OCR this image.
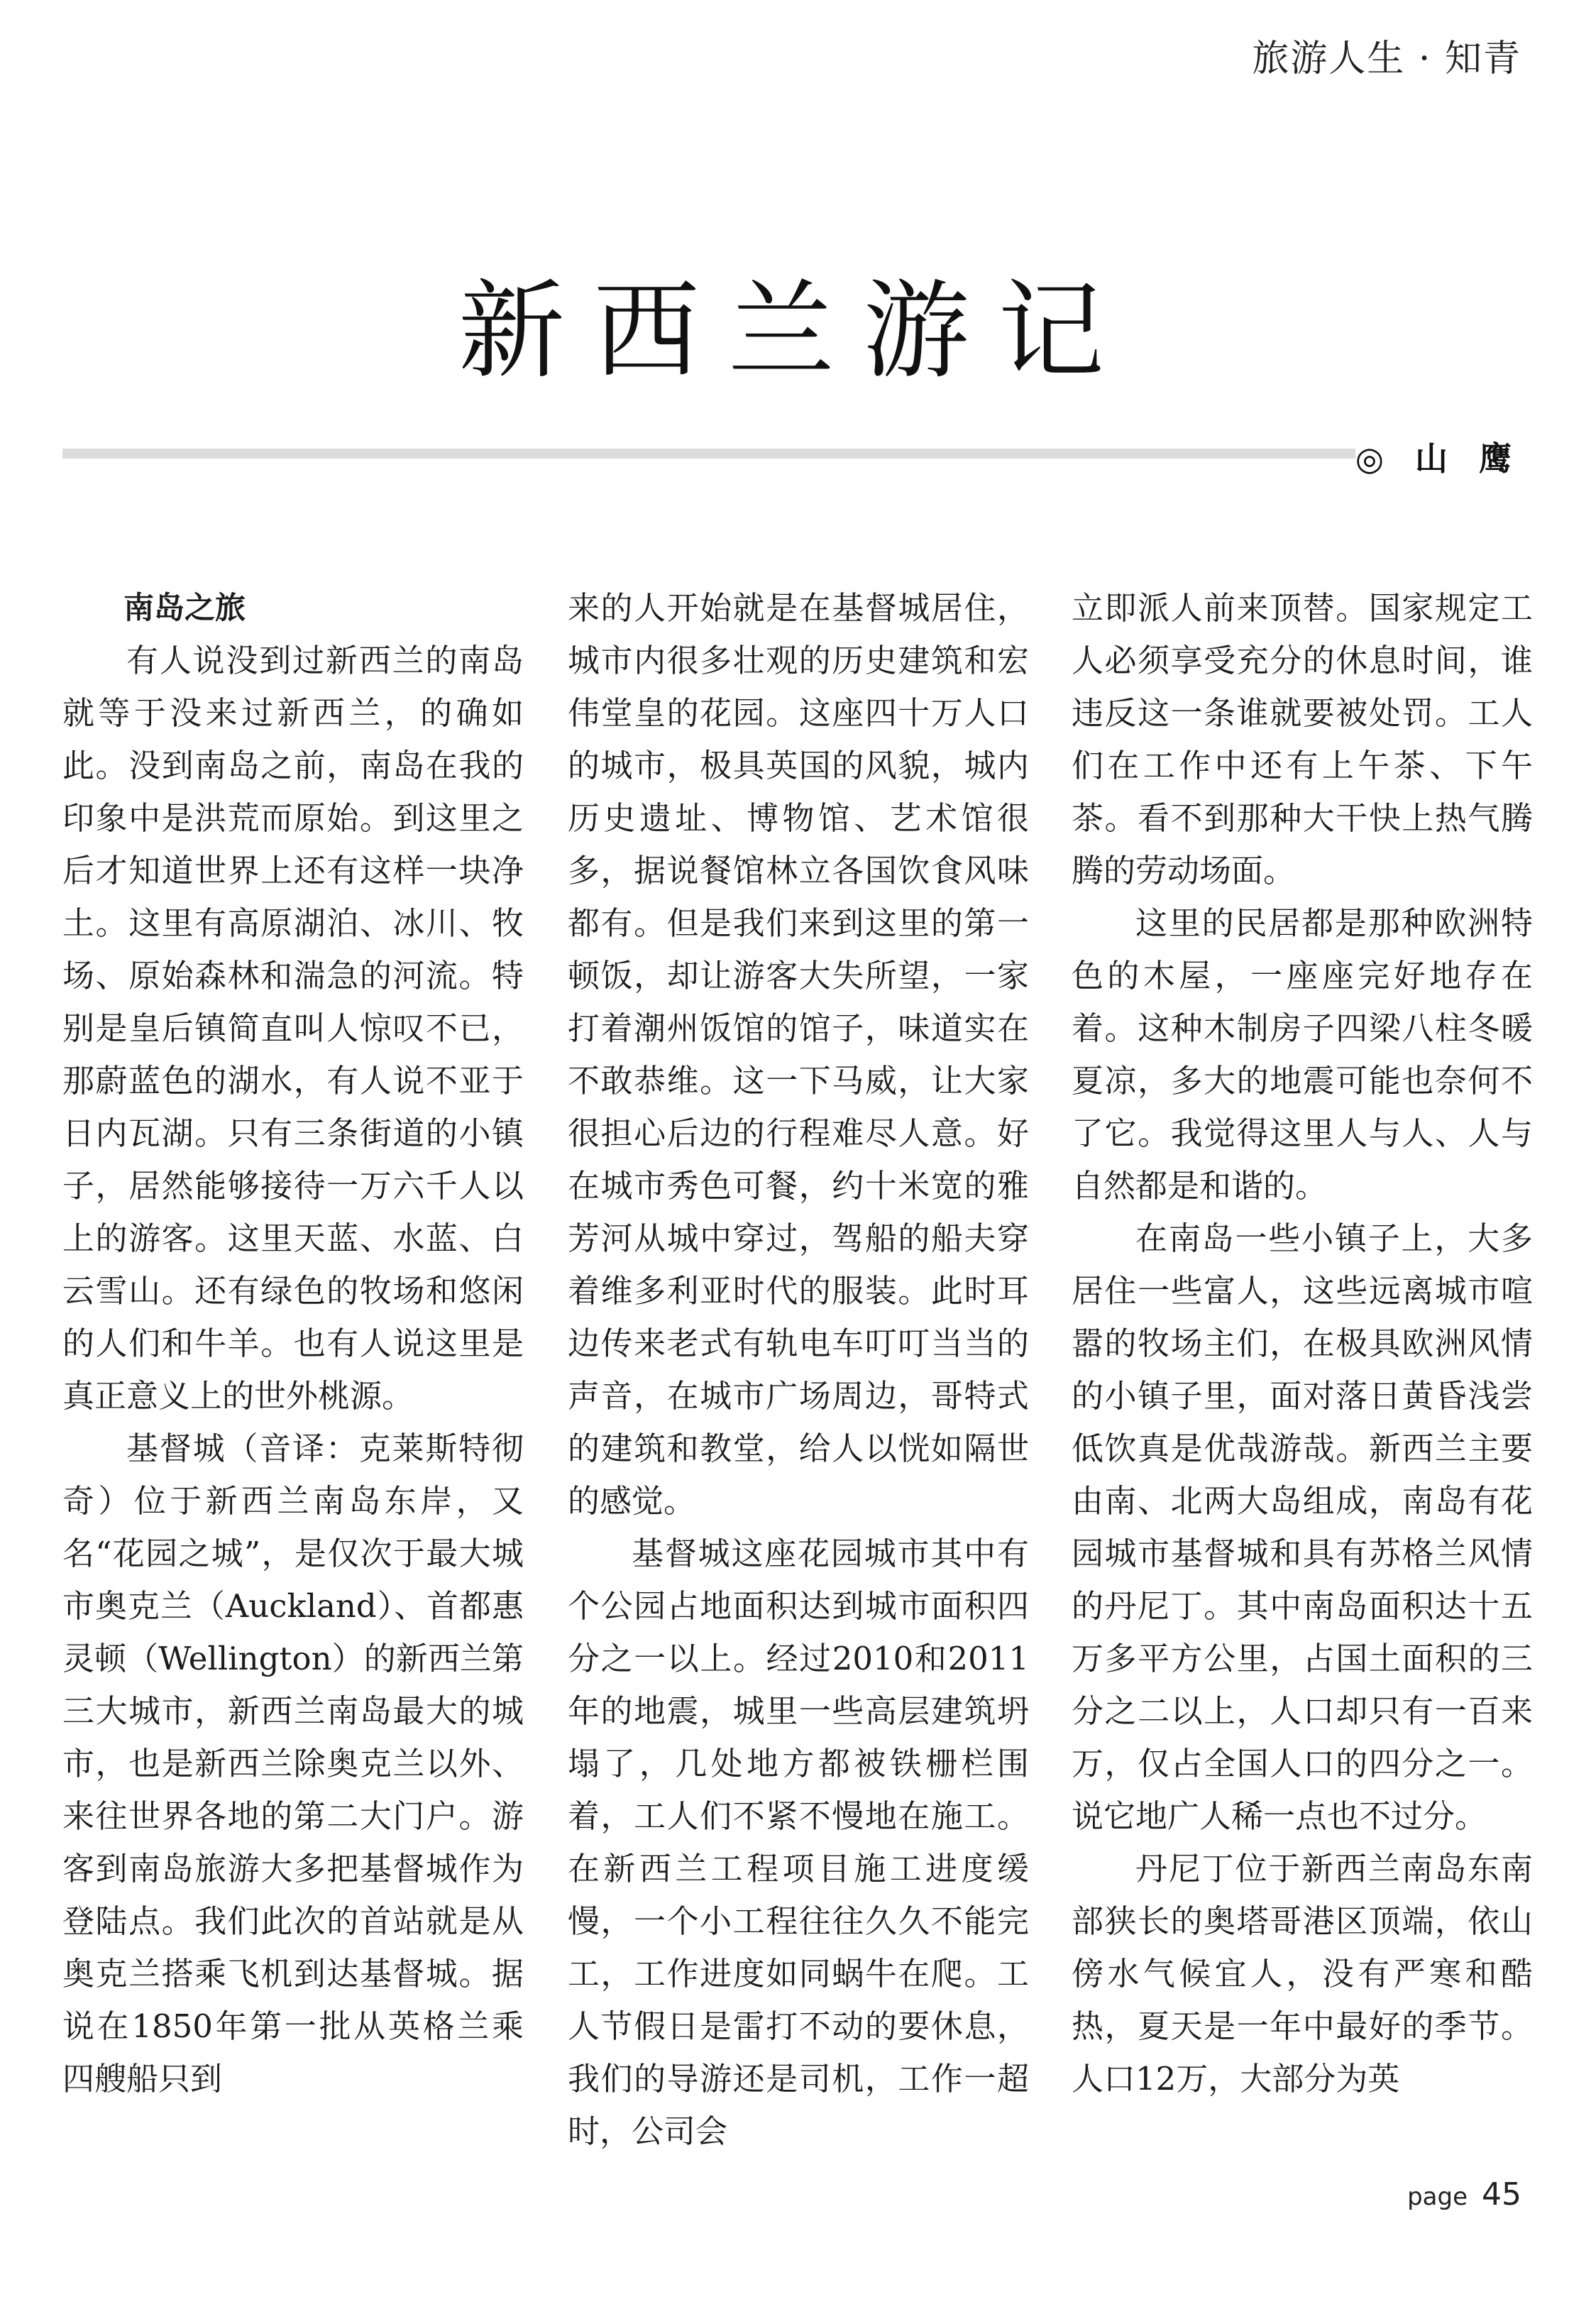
旅游人生 · 知青
新西兰游记
◎ 山 鹰

南岛之旅

有人说没到过新西兰的南岛就等于没来过新西兰，的确如此。没到南岛之前，南岛在我的印象中是洪荒而原始。到这里之后才知道世界上还有这样一块净土。这里有高原湖泊、冰川、牧场、原始森林和湍急的河流。特别是皇后镇简直叫人惊叹不已，那蔚蓝色的湖水，有人说不亚于日内瓦湖。只有三条街道的小镇子，居然能够接待一万六千人以上的游客。这里天蓝、水蓝、白云雪山。还有绿色的牧场和悠闲的人们和牛羊。也有人说这里是真正意义上的世外桃源。

基督城（音译：克莱斯特彻奇）位于新西兰南岛东岸，又名“花园之城”，是仅次于最大城市奥克兰（Auckland）、首都惠灵顿（Wellington）的新西兰第三大城市，新西兰南岛最大的城市，也是新西兰除奥克兰以外、来往世界各地的第二大门户。游客到南岛旅游大多把基督城作为登陆点。我们此次的首站就是从奥克兰搭乘飞机到达基督城。据说在1850年第一批从英格兰乘四艘船只到

来的人开始就是在基督城居住，城市内很多壮观的历史建筑和宏伟堂皇的花园。这座四十万人口的城市，极具英国的风貌，城内历史遗址、博物馆、艺术馆很多，据说餐馆林立各国饮食风味都有。但是我们来到这里的第一顿饭，却让游客大失所望，一家打着潮州饭馆的馆子，味道实在不敢恭维。这一下马威，让大家很担心后边的行程难尽人意。好在城市秀色可餐，约十米宽的雅芳河从城中穿过，驾船的船夫穿着维多利亚时代的服装。此时耳边传来老式有轨电车叮叮当当的声音，在城市广场周边，哥特式的建筑和教堂，给人以恍如隔世的感觉。

基督城这座花园城市其中有个公园占地面积达到城市面积四分之一以上。经过2010和2011年的地震，城里一些高层建筑坍塌了，几处地方都被铁栅栏围着，工人们不紧不慢地在施工。在新西兰工程项目施工进度缓慢，一个小工程往往久久不能完工，工作进度如同蜗牛在爬。工人节假日是雷打不动的要休息，我们的导游还是司机，工作一超时，公司会

立即派人前来顶替。国家规定工人必须享受充分的休息时间，谁违反这一条谁就要被处罚。工人们在工作中还有上午茶、下午茶。看不到那种大干快上热气腾腾的劳动场面。

这里的民居都是那种欧洲特色的木屋，一座座完好地存在着。这种木制房子四梁八柱冬暖夏凉，多大的地震可能也奈何不了它。我觉得这里人与人、人与自然都是和谐的。

在南岛一些小镇子上，大多居住一些富人，这些远离城市喧嚣的牧场主们，在极具欧洲风情的小镇子里，面对落日黄昏浅尝低饮真是优哉游哉。新西兰主要由南、北两大岛组成，南岛有花园城市基督城和具有苏格兰风情的丹尼丁。其中南岛面积达十五万多平方公里，占国土面积的三分之二以上，人口却只有一百来万，仅占全国人口的四分之一。说它地广人稀一点也不过分。

丹尼丁位于新西兰南岛东南部狭长的奥塔哥港区顶端，依山傍水气候宜人，没有严寒和酷热，夏天是一年中最好的季节。人口12万，大部分为英

page 45
